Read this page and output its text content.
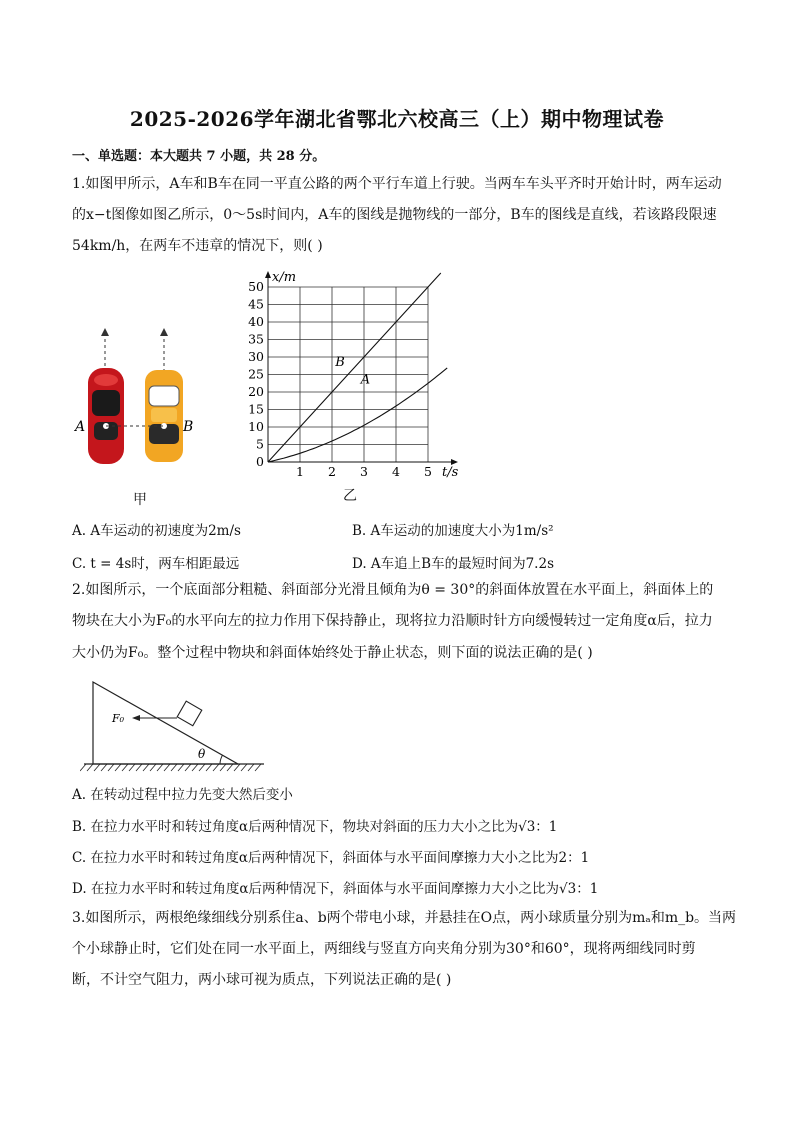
2025-2026学年湖北省鄂北六校高三（上）期中物理试卷
一、单选题：本大题共 7 小题，共 28 分。
1.如图甲所示，A车和B车在同一平直公路的两个平行车道上行驶。当两车车头平齐时开始计时，两车运动
的x−t图像如图乙所示，0～5s时间内，A车的图线是抛物线的一部分，B车的图线是直线，若该路段限速
54km/h，在两车不违章的情况下，则( )
A	B
甲
0
5
10
15
20
25
30
35
40
45
50
1 2 3 4 5 t/s
x/m
B
A
乙
A. A车运动的初速度为2m/s	B. A车运动的加速度大小为1m/s²
C. t = 4s时，两车相距最远	D. A车追上B车的最短时间为7.2s
2.如图所示，一个底面部分粗糙、斜面部分光滑且倾角为θ = 30°的斜面体放置在水平面上，斜面体上的
物块在大小为F₀的水平向左的拉力作用下保持静止，现将拉力沿顺时针方向缓慢转过一定角度α后，拉力
大小仍为F₀。整个过程中物块和斜面体始终处于静止状态，则下面的说法正确的是( )
F₀
θ
A. 在转动过程中拉力先变大然后变小
B. 在拉力水平时和转过角度α后两种情况下，物块对斜面的压力大小之比为√3：1
C. 在拉力水平时和转过角度α后两种情况下，斜面体与水平面间摩擦力大小之比为2：1
D. 在拉力水平时和转过角度α后两种情况下，斜面体与水平面间摩擦力大小之比为√3：1
3.如图所示，两根绝缘细线分别系住a、b两个带电小球，并悬挂在O点，两小球质量分别为mₐ和m_b。当两
个小球静止时，它们处在同一水平面上，两细线与竖直方向夹角分别为30°和60°，现将两细线同时剪
断，不计空气阻力，两小球可视为质点，下列说法正确的是( )
